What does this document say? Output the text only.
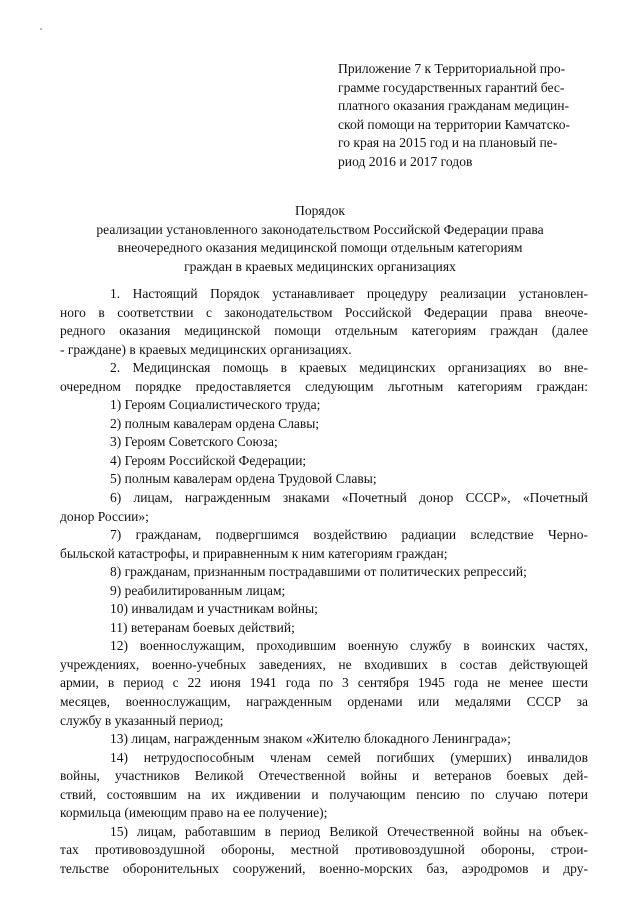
Приложение 7 к Территориальной про-
грамме государственных гарантий бес-
платного оказания гражданам медицин-
ской помощи на территории Камчатско-
го края на 2015 год и на плановый пе-
риод 2016 и 2017 годов
Порядок
реализации установленного законодательством Российской Федерации права
внеочередного оказания медицинской помощи отдельным категориям
граждан в краевых медицинских организациях
1. Настоящий Порядок устанавливает процедуру реализации установлен-
ного в соответствии с законодательством Российской Федерации права внеоче-
редного оказания медицинской помощи отдельным категориям граждан (далее
- граждане) в краевых медицинских организациях.
2. Медицинская помощь в краевых медицинских организациях во вне-
очередном порядке предоставляется следующим льготным категориям граждан:
1) Героям Социалистического труда;
2) полным кавалерам ордена Славы;
3) Героям Советского Союза;
4) Героям Российской Федерации;
5) полным кавалерам ордена Трудовой Славы;
6) лицам, награжденным знаками «Почетный донор СССР», «Почетный
донор России»;
7) гражданам, подвергшимся воздействию радиации вследствие Черно-
быльской катастрофы, и приравненным к ним категориям граждан;
8) гражданам, признанным пострадавшими от политических репрессий;
9) реабилитированным лицам;
10) инвалидам и участникам войны;
11) ветеранам боевых действий;
12) военнослужащим, проходившим военную службу в воинских частях,
учреждениях, военно-учебных заведениях, не входивших в состав действующей
армии, в период с 22 июня 1941 года по 3 сентября 1945 года не менее шести
месяцев, военнослужащим, награжденным орденами или медалями СССР за
службу в указанный период;
13) лицам, награжденным знаком «Жителю блокадного Ленинграда»;
14) нетрудоспособным членам семей погибших (умерших) инвалидов
войны, участников Великой Отечественной войны и ветеранов боевых дей-
ствий, состоявшим на их иждивении и получающим пенсию по случаю потери
кормильца (имеющим право на ее получение);
15) лицам, работавшим в период Великой Отечественной войны на объек-
тах противовоздушной обороны, местной противовоздушной обороны, строи-
тельстве оборонительных сооружений, военно-морских баз, аэродромов и дру-
